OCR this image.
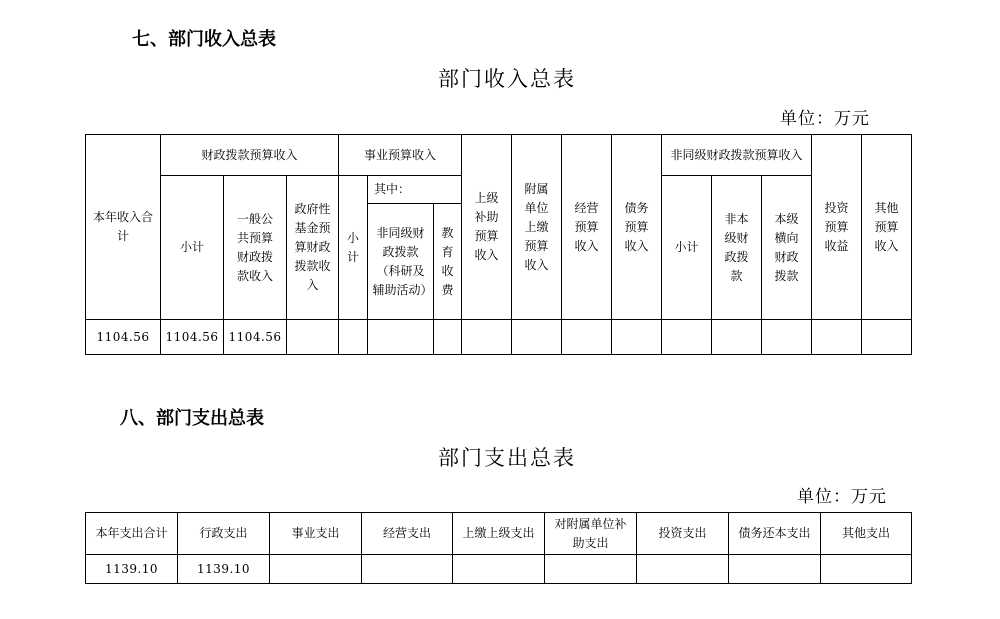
七、部门收入总表
部门收入总表
单位：万元
本年收入合计	财政拨款预算收入			事业预算收入			上级补助预算收入	附属单位上缴预算收入	经营预算收入	债务预算收入	非同级财政拨款预算收入			投资预算收益	其他预算收入
	小计	一般公共预算财政拨款收入	政府性基金预算财政拨款收入	小计	其中：						小计	非本级财政拨款	本级横向财政拨款		
					非同级财政拨款（科研及辅助活动）	教育收费									
1104.56	1104.56	1104.56													
八、部门支出总表
部门支出总表
单位：万元
本年支出合计	行政支出	事业支出	经营支出	上缴上级支出	对附属单位补助支出	投资支出	债务还本支出	其他支出
1139.10	1139.10							
